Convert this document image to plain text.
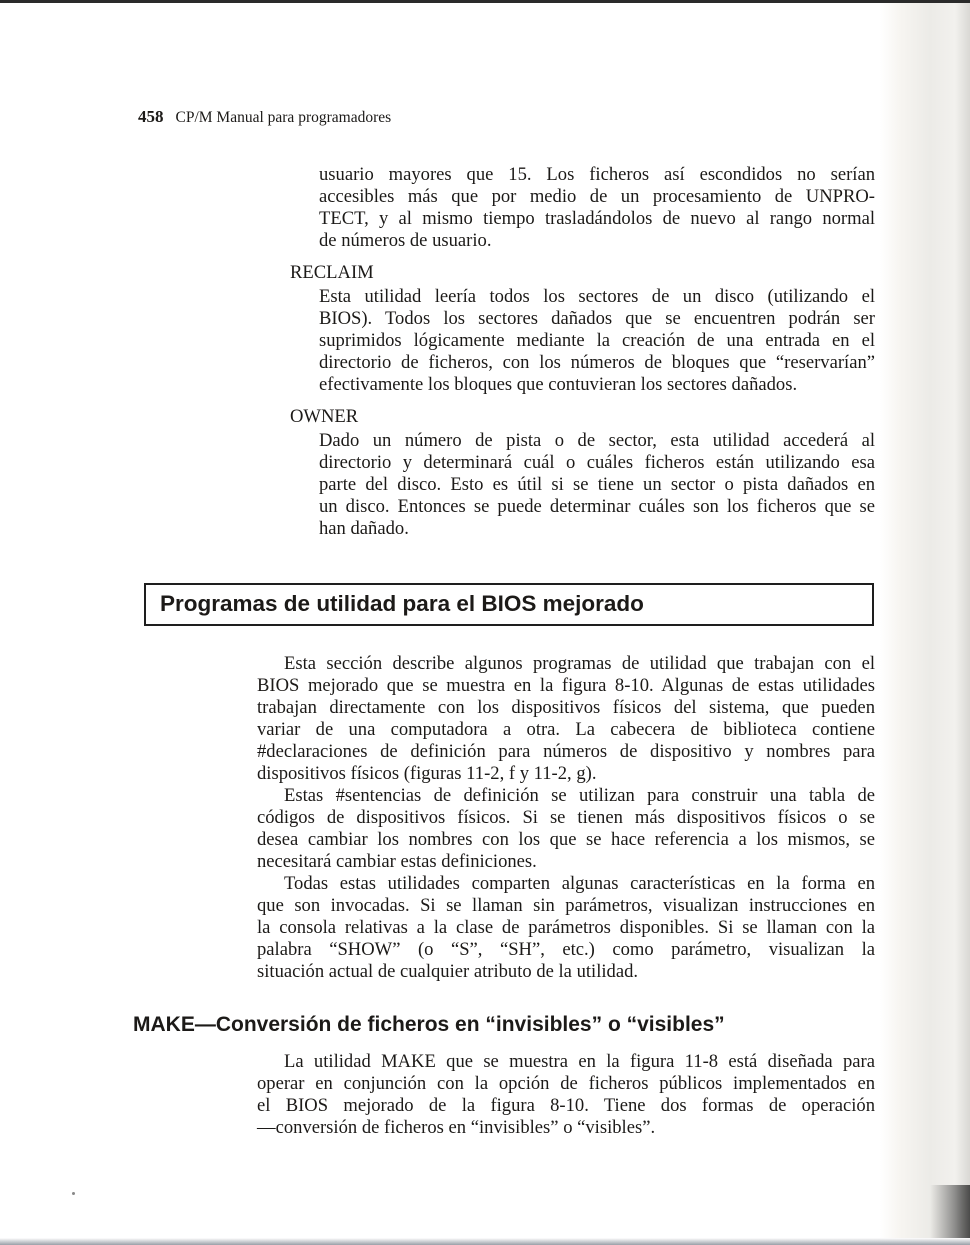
458 CP/M Manual para programadores

usuario mayores que 15. Los ficheros así escondidos no serían
accesibles más que por medio de un procesamiento de UNPRO-
TECT, y al mismo tiempo trasladándolos de nuevo al rango normal
de números de usuario.

RECLAIM

Esta utilidad leería todos los sectores de un disco (utilizando el
BIOS). Todos los sectores dañados que se encuentren podrán ser
suprimidos lógicamente mediante la creación de una entrada en el
directorio de ficheros, con los números de bloques que “reservarían”
efectivamente los bloques que contuvieran los sectores dañados.

OWNER

Dado un número de pista o de sector, esta utilidad accederá al
directorio y determinará cuál o cuáles ficheros están utilizando esa
parte del disco. Esto es útil si se tiene un sector o pista dañados en
un disco. Entonces se puede determinar cuáles son los ficheros que se
han dañado.

Programas de utilidad para el BIOS mejorado

Esta sección describe algunos programas de utilidad que trabajan con el
BIOS mejorado que se muestra en la figura 8-10. Algunas de estas utilidades
trabajan directamente con los dispositivos físicos del sistema, que pueden
variar de una computadora a otra. La cabecera de biblioteca contiene
#declaraciones de definición para números de dispositivo y nombres para
dispositivos físicos (figuras 11-2, f y 11-2, g).

Estas #sentencias de definición se utilizan para construir una tabla de
códigos de dispositivos físicos. Si se tienen más dispositivos físicos o se
desea cambiar los nombres con los que se hace referencia a los mismos, se
necesitará cambiar estas definiciones.

Todas estas utilidades comparten algunas características en la forma en
que son invocadas. Si se llaman sin parámetros, visualizan instrucciones en
la consola relativas a la clase de parámetros disponibles. Si se llaman con la
palabra “SHOW” (o “S”, “SH”, etc.) como parámetro, visualizan la
situación actual de cualquier atributo de la utilidad.

MAKE—Conversión de ficheros en “invisibles” o “visibles”

La utilidad MAKE que se muestra en la figura 11-8 está diseñada para
operar en conjunción con la opción de ficheros públicos implementados en
el BIOS mejorado de la figura 8-10. Tiene dos formas de operación
—conversión de ficheros en “invisibles” o “visibles”.
